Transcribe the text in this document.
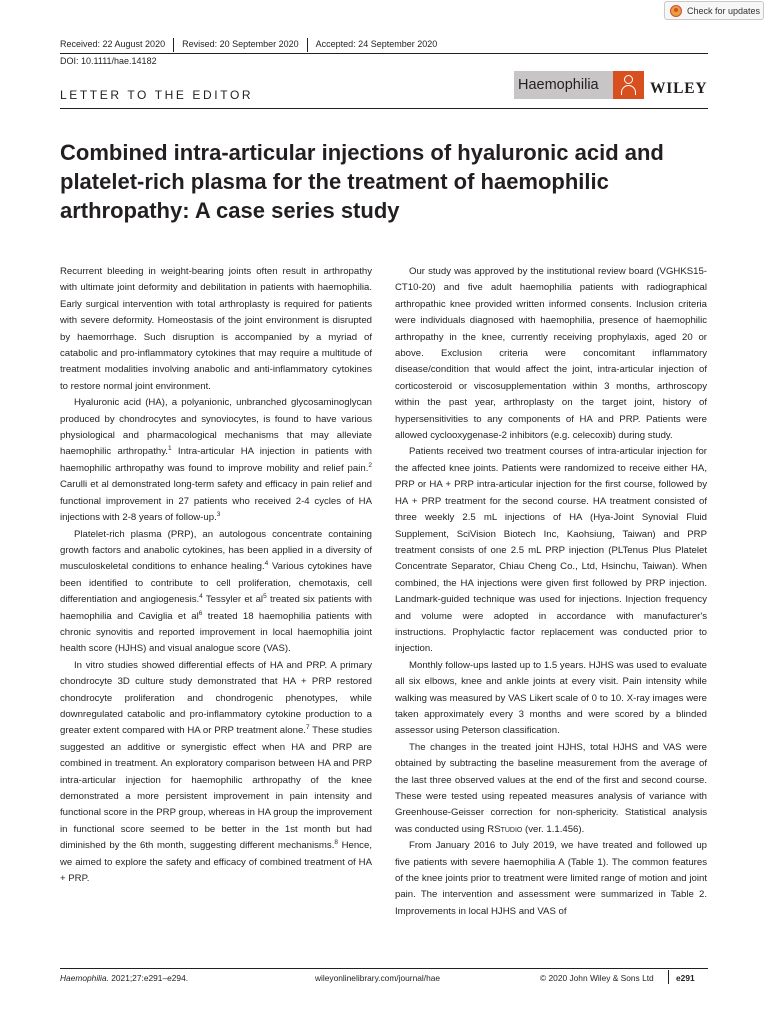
Check for updates
Received: 22 August 2020 Revised: 20 September 2020 Accepted: 24 September 2020
DOI: 10.1111/hae.14182
Haemophilia	WILEY
LETTER TO THE EDITOR
Combined intra-articular injections of hyaluronic acid and platelet-rich plasma for the treatment of haemophilic arthropathy: A case series study

Recurrent bleeding in weight-bearing joints often result in arthropathy with ultimate joint deformity and debilitation in patients with haemophilia. Early surgical intervention with total arthroplasty is required for patients with severe deformity. Homeostasis of the joint environment is disrupted by haemorrhage. Such disruption is accompanied by a myriad of catabolic and pro-inflammatory cytokines that may require a multitude of treatment modalities involving anabolic and anti-inflammatory cytokines to restore normal joint environment.

Hyaluronic acid (HA), a polyanionic, unbranched glycosaminoglycan produced by chondrocytes and synoviocytes, is found to have various physiological and pharmacological mechanisms that may alleviate haemophilic arthropathy.$^1$ Intra-articular HA injection in patients with haemophilic arthropathy was found to improve mobility and relief pain.$^2$ Carulli et al demonstrated long-term safety and efficacy in pain relief and functional improvement in 27 patients who received 2-4 cycles of HA injections with 2-8 years of follow-up.$^3$

Platelet-rich plasma (PRP), an autologous concentrate containing growth factors and anabolic cytokines, has been applied in a diversity of musculoskeletal conditions to enhance healing.$^4$ Various cytokines have been identified to contribute to cell proliferation, chemotaxis, cell differentiation and angiogenesis.$^4$ Tessyler et $al^5$ treated six patients with haemophilia and Caviglia et $al^6$ treated 18 haemophilia patients with chronic synovitis and reported improvement in local haemophilia joint health score (HJHS) and visual analogue score (VAS).

In vitro studies showed differential effects of HA and PRP. A primary chondrocyte 3D culture study demonstrated that HA + PRP restored chondrocyte proliferation and chondrogenic phenotypes, while downregulated catabolic and pro-inflammatory cytokine production to a greater extent compared with HA or PRP treatment alone.$^7$ These studies suggested an additive or synergistic effect when HA and PRP are combined in treatment. An exploratory comparison between HA and PRP intra-articular injection for haemophilic arthropathy of the knee demonstrated a more persistent improvement in pain intensity and functional score in the PRP group, whereas in HA group the improvement in functional score seemed to be better in the 1st month but had diminished by the 6th month, suggesting different mechanisms.$^8$ Hence, we aimed to explore the safety and efficacy of combined treatment of HA + PRP.

Our study was approved by the institutional review board (VGHKS15-CT10-20) and five adult haemophilia patients with radiographical arthropathic knee provided written informed consents. Inclusion criteria were individuals diagnosed with haemophilia, presence of haemophilic arthropathy in the knee, currently receiving prophylaxis, aged 20 or above. Exclusion criteria were concomitant inflammatory disease/condition that would affect the joint, intra-articular injection of corticosteroid or viscosupplementation within 3 months, arthroscopy within the past year, arthroplasty on the target joint, history of hypersensitivities to any components of HA and PRP. Patients were allowed cyclooxygenase-2 inhibitors (e.g. celecoxib) during study.

Patients received two treatment courses of intra-articular injection for the affected knee joints. Patients were randomized to receive either HA, PRP or HA + PRP intra-articular injection for the first course, followed by HA + PRP treatment for the second course. HA treatment consisted of three weekly 2.5 mL injections of HA (Hya-Joint Synovial Fluid Supplement, SciVision Biotech Inc, Kaohsiung, Taiwan) and PRP treatment consists of one 2.5 mL PRP injection (PLTenus Plus Platelet Concentrate Separator, Chiau Cheng Co., Ltd, Hsinchu, Taiwan). When combined, the HA injections were given first followed by PRP injection. Landmark-guided technique was used for injections. Injection frequency and volume were adopted in accordance with manufacturer's instructions. Prophylactic factor replacement was conducted prior to injection.

Monthly follow-ups lasted up to 1.5 years. HJHS was used to evaluate all six elbows, knee and ankle joints at every visit. Pain intensity while walking was measured by VAS Likert scale of 0 to 10. X-ray images were taken approximately every 3 months and were scored by a blinded assessor using Peterson classification.

The changes in the treated joint HJHS, total HJHS and VAS were obtained by subtracting the baseline measurement from the average of the last three observed values at the end of the first and second course. These were tested using repeated measures analysis of variance with Greenhouse-Geisser correction for non-sphericity. Statistical analysis was conducted using RStudio (ver. 1.1.456).

From January 2016 to July 2019, we have treated and followed up five patients with severe haemophilia A (Table 1). The common features of the knee joints prior to treatment were limited range of motion and joint pain. The intervention and assessment were summarized in Table 2. Improvements in local HJHS and VAS of

Haemophilia. 2021;27:e291–e294.	wileyonlinelibrary.com/journal/hae	© 2020 John Wiley & Sons Ltd	e291
